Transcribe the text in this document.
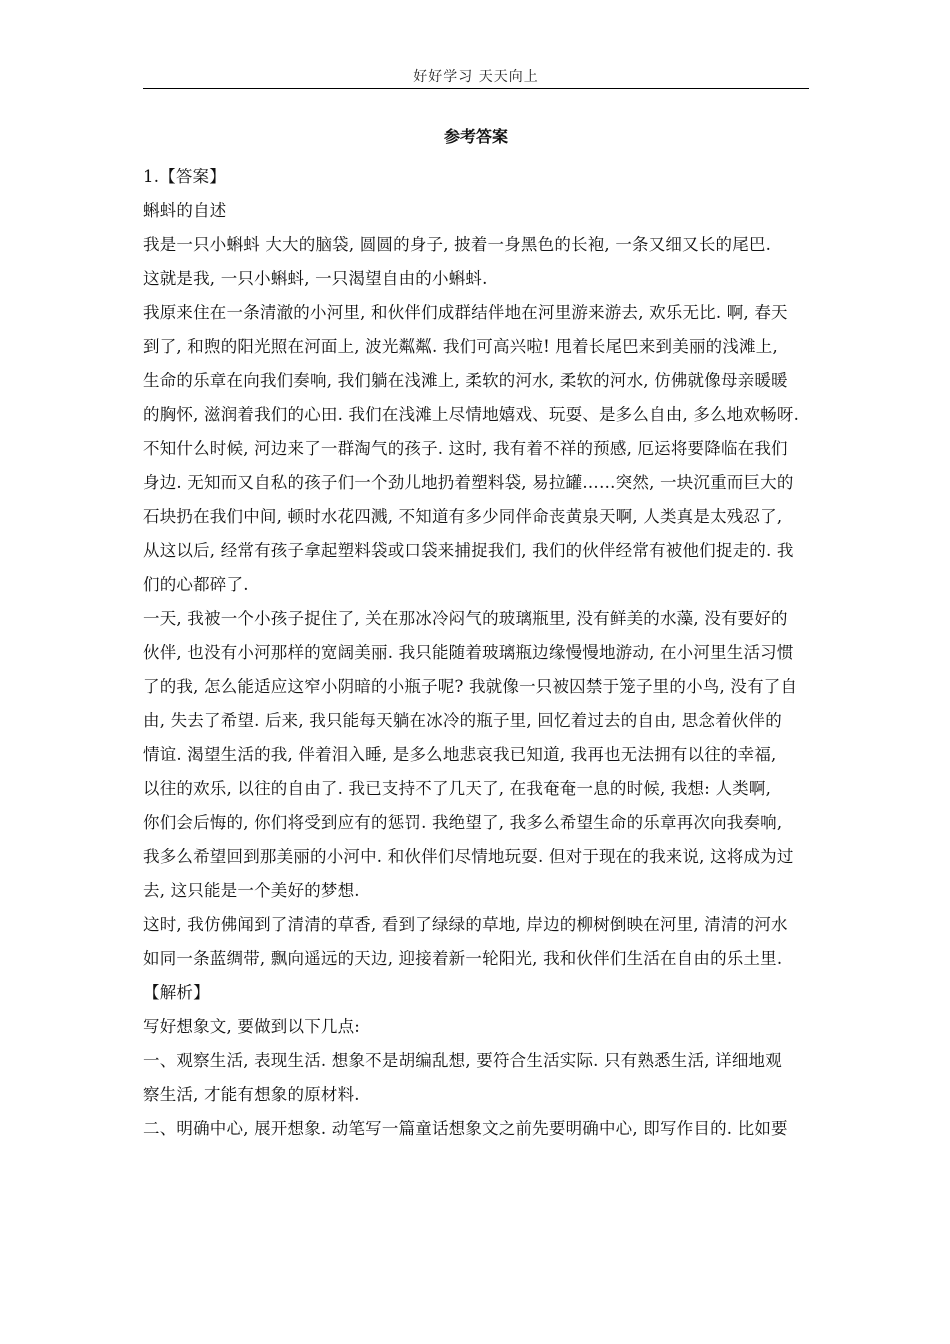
好好学习 天天向上
参考答案
1.【答案】
蝌蚪的自述
我是一只小蝌蚪 大大的脑袋, 圆圆的身子, 披着一身黑色的长袍, 一条又细又长的尾巴.
这就是我, 一只小蝌蚪, 一只渴望自由的小蝌蚪.
我原来住在一条清澈的小河里, 和伙伴们成群结伴地在河里游来游去, 欢乐无比. 啊, 春天
到了, 和煦的阳光照在河面上, 波光粼粼. 我们可高兴啦! 甩着长尾巴来到美丽的浅滩上,
生命的乐章在向我们奏响, 我们躺在浅滩上, 柔软的河水, 柔软的河水, 仿佛就像母亲暖暖
的胸怀, 滋润着我们的心田. 我们在浅滩上尽情地嬉戏、玩耍、是多么自由, 多么地欢畅呀.
不知什么时候, 河边来了一群淘气的孩子. 这时, 我有着不祥的预感, 厄运将要降临在我们
身边. 无知而又自私的孩子们一个劲儿地扔着塑料袋, 易拉罐……突然, 一块沉重而巨大的
石块扔在我们中间, 顿时水花四溅, 不知道有多少同伴命丧黄泉天啊, 人类真是太残忍了,
从这以后, 经常有孩子拿起塑料袋或口袋来捕捉我们, 我们的伙伴经常有被他们捉走的. 我
们的心都碎了.
一天, 我被一个小孩子捉住了, 关在那冰冷闷气的玻璃瓶里, 没有鲜美的水藻, 没有要好的
伙伴, 也没有小河那样的宽阔美丽. 我只能随着玻璃瓶边缘慢慢地游动, 在小河里生活习惯
了的我, 怎么能适应这窄小阴暗的小瓶子呢? 我就像一只被囚禁于笼子里的小鸟, 没有了自
由, 失去了希望. 后来, 我只能每天躺在冰冷的瓶子里, 回忆着过去的自由, 思念着伙伴的
情谊. 渴望生活的我, 伴着泪入睡, 是多么地悲哀我已知道, 我再也无法拥有以往的幸福,
以往的欢乐, 以往的自由了. 我已支持不了几天了, 在我奄奄一息的时候, 我想: 人类啊,
你们会后悔的, 你们将受到应有的惩罚. 我绝望了, 我多么希望生命的乐章再次向我奏响,
我多么希望回到那美丽的小河中. 和伙伴们尽情地玩耍. 但对于现在的我来说, 这将成为过
去, 这只能是一个美好的梦想.
这时, 我仿佛闻到了清清的草香, 看到了绿绿的草地, 岸边的柳树倒映在河里, 清清的河水
如同一条蓝绸带, 飘向遥远的天边, 迎接着新一轮阳光, 我和伙伴们生活在自由的乐土里.
【解析】
写好想象文, 要做到以下几点:
一、观察生活, 表现生活. 想象不是胡编乱想, 要符合生活实际. 只有熟悉生活, 详细地观
察生活, 才能有想象的原材料.
二、明确中心, 展开想象. 动笔写一篇童话想象文之前先要明确中心, 即写作目的. 比如要
